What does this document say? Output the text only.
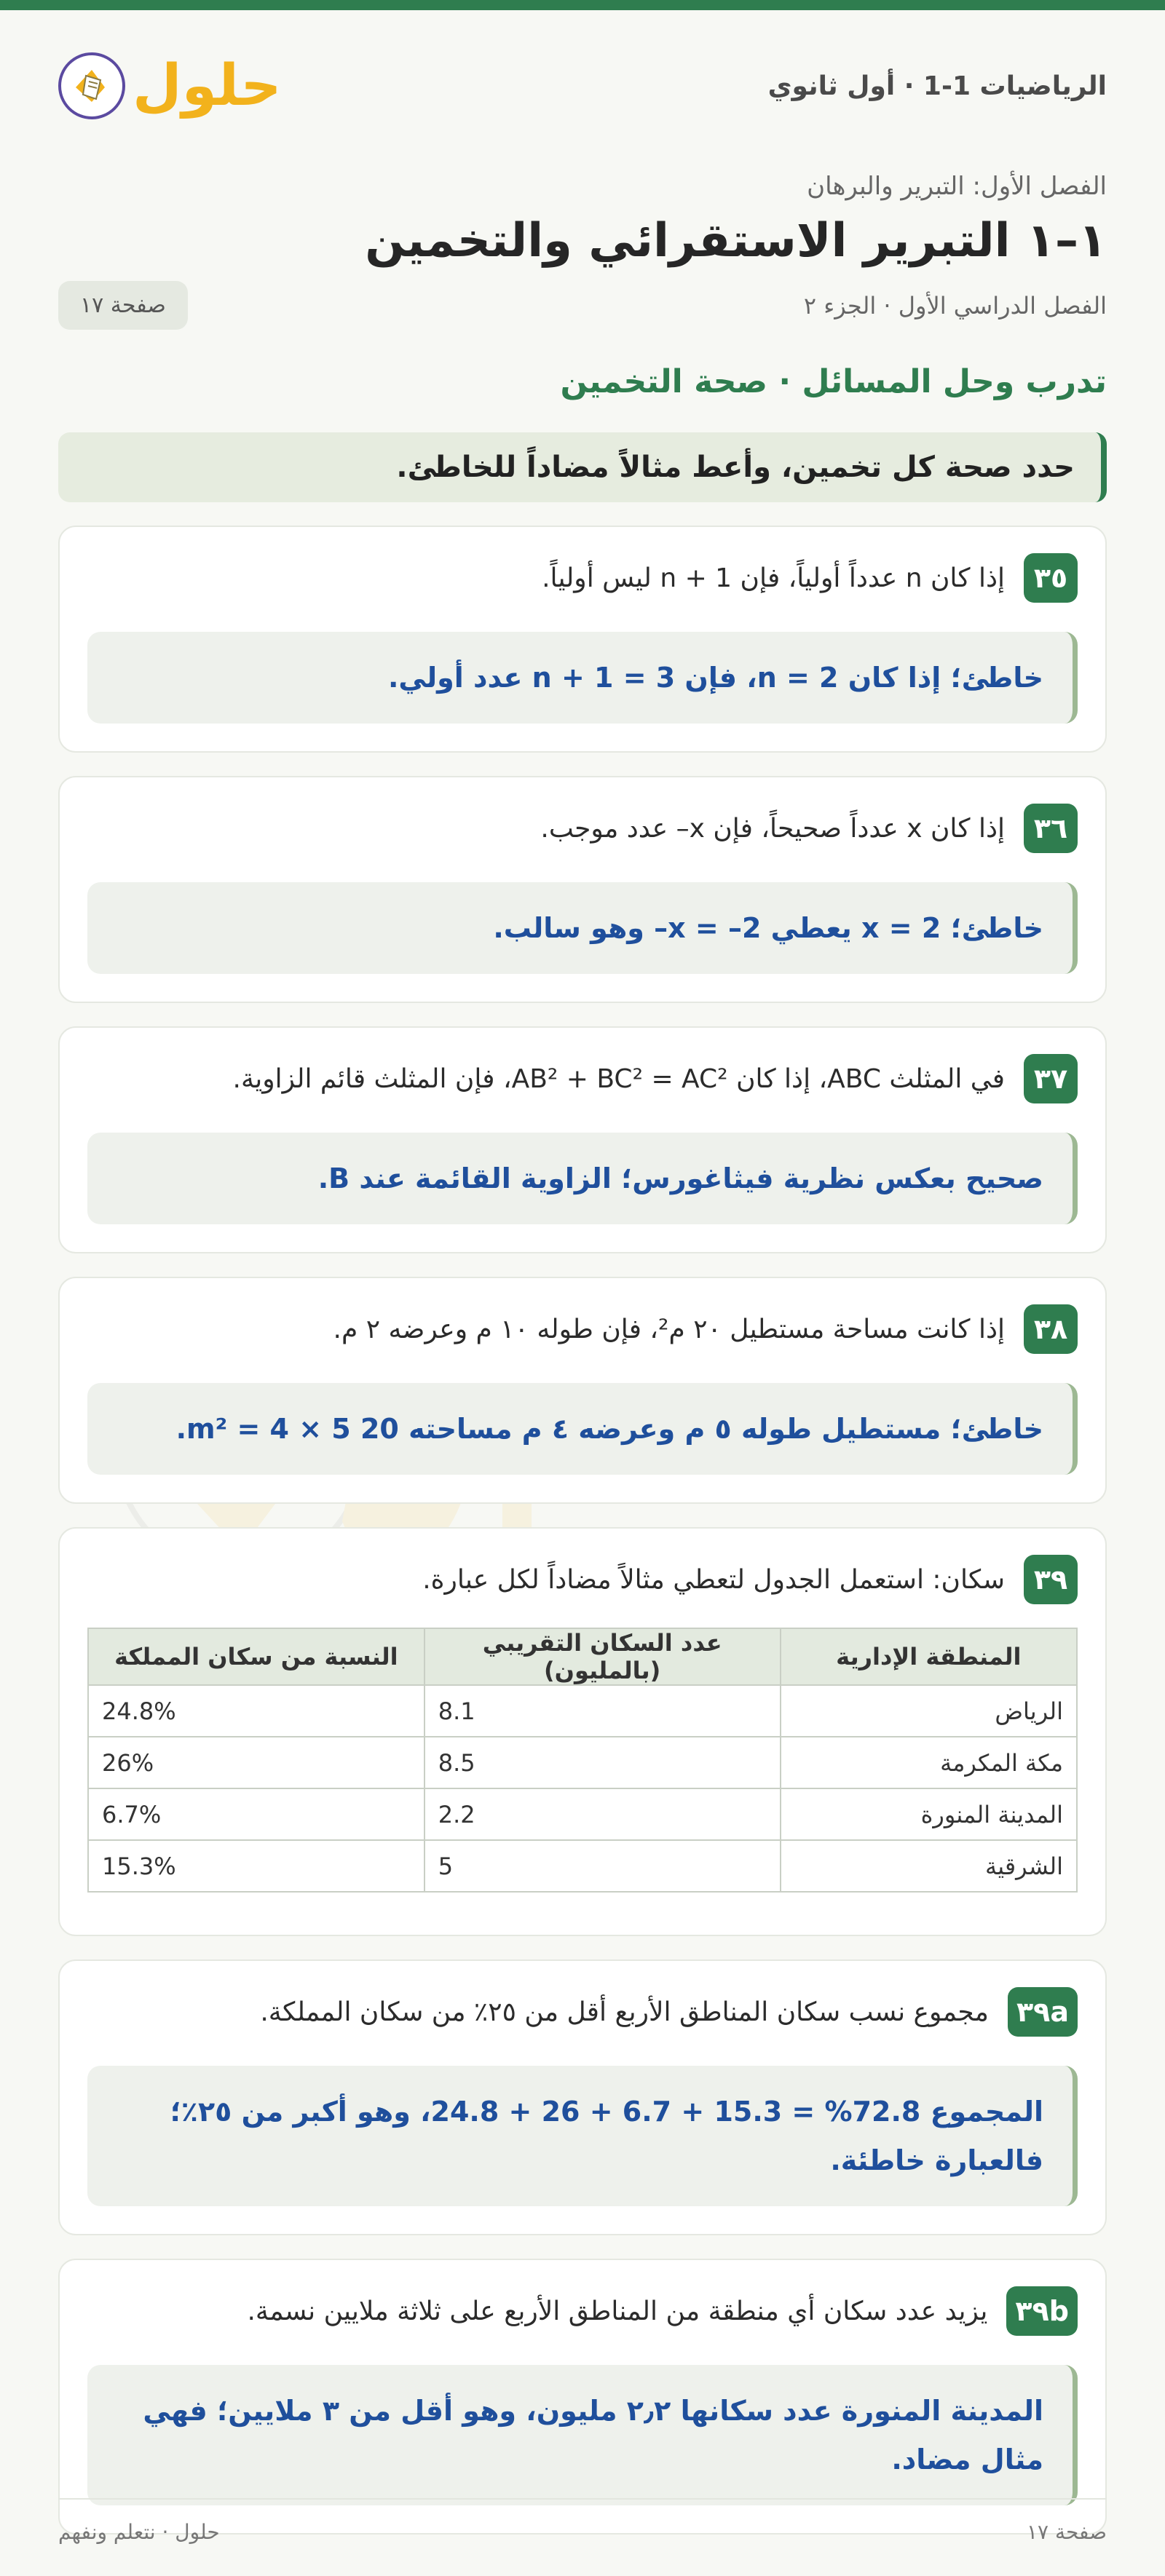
الرياضيات 1-1 · أول ثانوي
حلول
الفصل الأول: التبرير والبرهان
١–١ التبرير الاستقرائي والتخمين
الفصل الدراسي الأول · الجزء ٢
صفحة ١٧
تدرب وحل المسائل · صحة التخمين
حدد صحة كل تخمين، وأعط مثالاً مضاداً للخاطئ.
٣٥
إذا كان n عدداً أولياً، فإن n + 1 ليس أولياً.
خاطئ؛ إذا كان n = 2، فإن n + 1 = 3 عدد أولي.
٣٦
إذا كان x عدداً صحيحاً، فإن x– عدد موجب.
خاطئ؛ x = 2 يعطي x = –2– وهو سالب.
٣٧
في المثلث ABC، إذا كان AB² + BC² = AC²، فإن المثلث قائم الزاوية.
صحيح بعكس نظرية فيثاغورس؛ الزاوية القائمة عند B.
٣٨
إذا كانت مساحة مستطيل ٢٠ م²، فإن طوله ١٠ م وعرضه ٢ م.
خاطئ؛ مستطيل طوله ٥ م وعرضه ٤ م مساحته 20 m² = 4 × 5.
٣٩
سكان: استعمل الجدول لتعطي مثالاً مضاداً لكل عبارة.
المنطقة الإدارية	عدد السكان التقريبي (بالمليون)	النسبة من سكان المملكة
الرياض	8.1	24.8%
مكة المكرمة	8.5	26%
المدينة المنورة	2.2	6.7%
الشرقية	5	15.3%
٣٩a
مجموع نسب سكان المناطق الأربع أقل من ٢٥٪ من سكان المملكة.
المجموع 72.8% = 15.3 + 6.7 + 26 + 24.8، وهو أكبر من ٢٥٪؛ فالعبارة خاطئة.
٣٩b
يزيد عدد سكان أي منطقة من المناطق الأربع على ثلاثة ملايين نسمة.
المدينة المنورة عدد سكانها ٢٫٢ مليون، وهو أقل من ٣ ملايين؛ فهي مثال مضاد.
صفحة ١٧
حلول · نتعلم ونفهم
